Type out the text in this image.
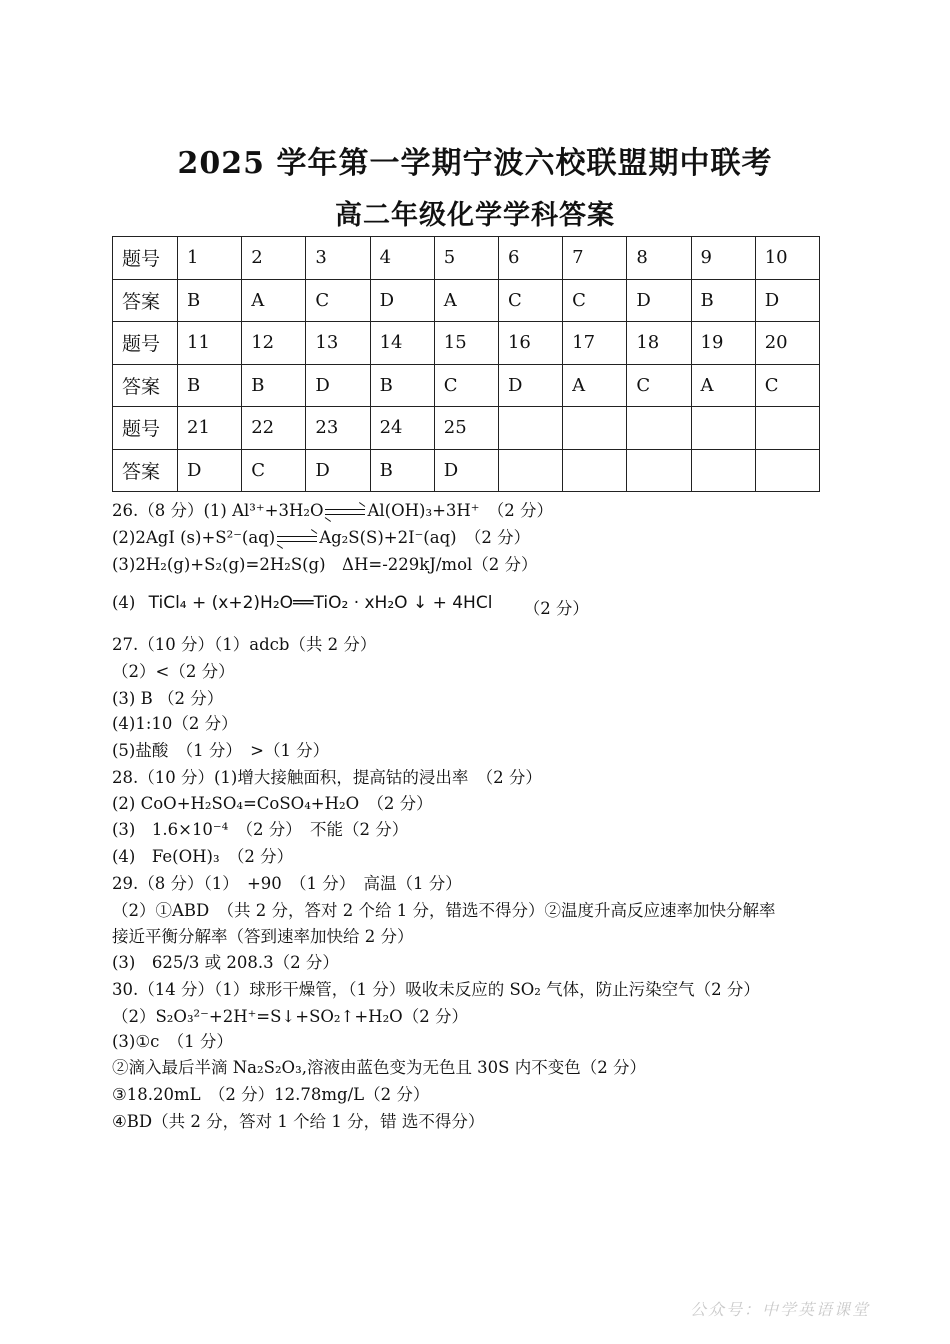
2025 学年第一学期宁波六校联盟期中联考
高二年级化学学科答案
题号	1	2	3	4	5	6	7	8	9	10
答案	B	A	C	D	A	C	C	D	B	D
题号	11	12	13	14	15	16	17	18	19	20
答案	B	B	D	B	C	D	A	C	A	C
题号	21	22	23	24	25					
答案	D	C	D	B	D					
26.（8 分）(1) Al³⁺+3H₂O	Al(OH)₃+3H⁺　（2 分）
(2)2AgI (s)+S²⁻(aq)	Ag₂S(S)+2I⁻(aq)　（2 分）
(3)2H₂(g)+S₂(g)=2H₂S(g)　ΔH=-229kJ/mol（2 分）
(4) TiCl₄ + (x+2)H₂O══TiO₂ · xH₂O ↓ + 4HCl （2 分）
27.（10 分）（1）adcb（共 2 分）
（2）<（2 分）
(3) B （2 分）
(4)1:10（2 分）
(5)盐酸　（1 分）　>（1 分）
28.（10 分）(1)增大接触面积，提高钴的浸出率　（2 分）
(2) CoO+H₂SO₄=CoSO₄+H₂O　（2 分）
(3)　1.6×10⁻⁴　（2 分）　不能（2 分）
(4)　Fe(OH)₃　（2 分）
29.（8 分）（1）　+90　（1 分）　高温（1 分）
（2）①ABD　（共 2 分，答对 2 个给 1 分，错选不得分）②温度升高反应速率加快分解率
接近平衡分解率（答到速率加快给 2 分）
(3)　625/3 或 208.3（2 分）
30.（14 分）（1）球形干燥管，（1 分）吸收未反应的 SO₂ 气体，防止污染空气（2 分）
（2）S₂O₃²⁻+2H⁺=S↓+SO₂↑+H₂O（2 分）
(3)①c　（1 分）
②滴入最后半滴 Na₂S₂O₃,溶液由蓝色变为无色且 30S 内不变色（2 分）
③18.20mL　（2 分）12.78mg/L（2 分）
④BD（共 2 分，答对 1 个给 1 分，错 选不得分）
公众号：中学英语课堂
